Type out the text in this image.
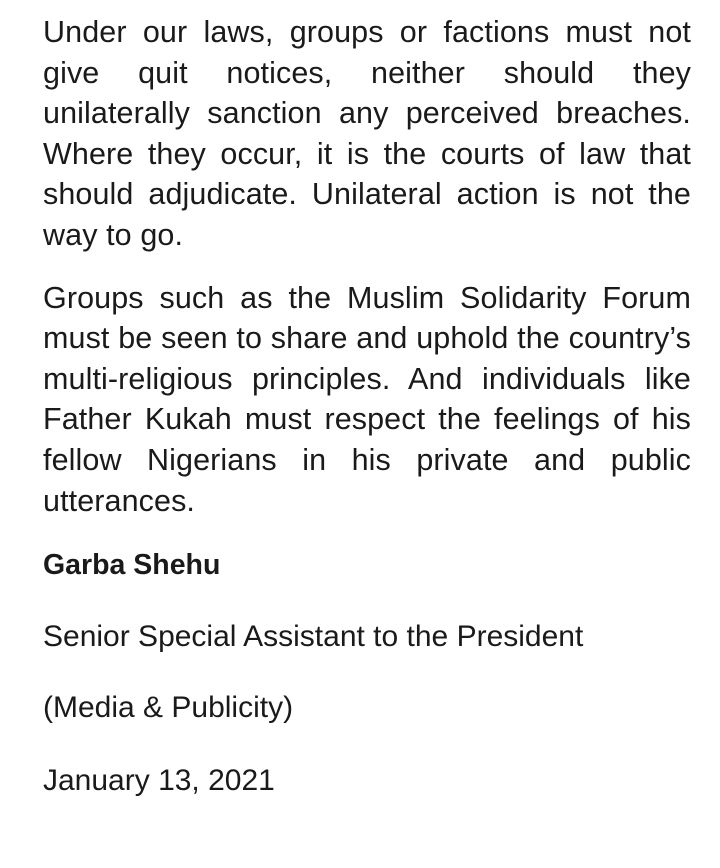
Under our laws, groups or factions must not give quit notices, neither should they unilaterally sanction any perceived breaches. Where they occur, it is the courts of law that should adjudicate. Unilateral action is not the way to go.

Groups such as the Muslim Solidarity Forum must be seen to share and uphold the country’s multi-religious principles. And individuals like Father Kukah must respect the feelings of his fellow Nigerians in his private and public utterances.

Garba Shehu

Senior Special Assistant to the President

(Media & Publicity)

January 13, 2021
